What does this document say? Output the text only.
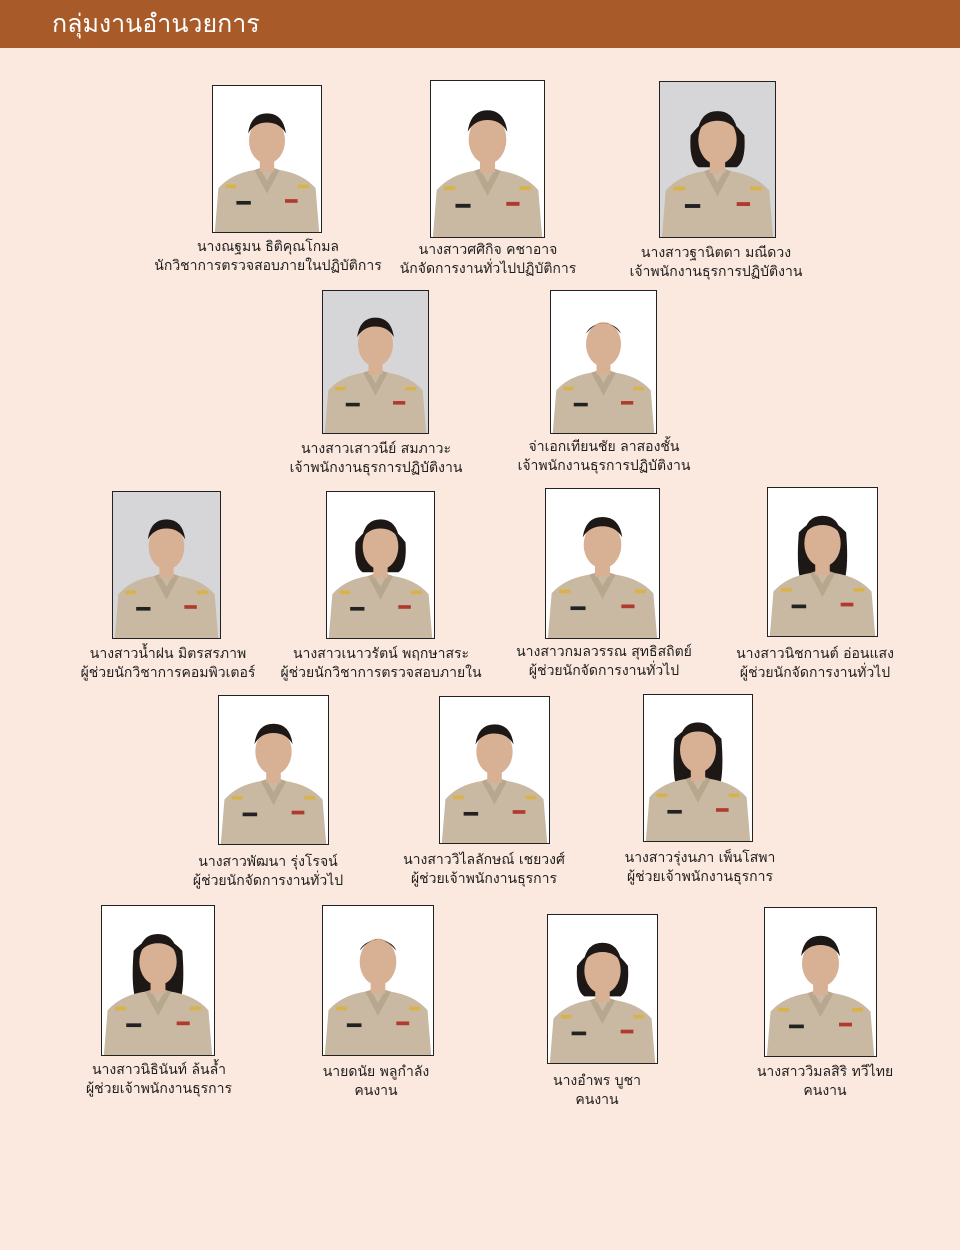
กลุ่มงานอำนวยการ
นางณฐมน ธิติคุณโกมล
นักวิชาการตรวจสอบภายในปฏิบัติการ
นางสาวศศิกิจ คชาอาจ
นักจัดการงานทั่วไปปฏิบัติการ
นางสาวฐานิตดา มณีดวง
เจ้าพนักงานธุรการปฏิบัติงาน
นางสาวเสาวนีย์ สมภาวะ
เจ้าพนักงานธุรการปฏิบัติงาน
จ่าเอกเทียนชัย ลาสองชั้น
เจ้าพนักงานธุรการปฏิบัติงาน
นางสาวน้ำฝน มิตรสรภาพ
ผู้ช่วยนักวิชาการคอมพิวเตอร์
นางสาวเนาวรัตน์ พฤกษาสระ
ผู้ช่วยนักวิชาการตรวจสอบภายใน
นางสาวกมลวรรณ สุทธิสถิตย์
ผู้ช่วยนักจัดการงานทั่วไป
นางสาวนิชกานต์ อ่อนแสง
ผู้ช่วยนักจัดการงานทั่วไป
นางสาวพัฒนา รุ่งโรจน์
ผู้ช่วยนักจัดการงานทั่วไป
นางสาววิไลลักษณ์ เชยวงศ์
ผู้ช่วยเจ้าพนักงานธุรการ
นางสาวรุ่งนภา เพ็นโสพา
ผู้ช่วยเจ้าพนักงานธุรการ
นางสาวนิธินันท์ ล้นล้ำ
ผู้ช่วยเจ้าพนักงานธุรการ
นายดนัย พลูกำลัง
คนงาน
นางอำพร บูชา
คนงาน
นางสาววิมลสิริ ทวีไทย
คนงาน
